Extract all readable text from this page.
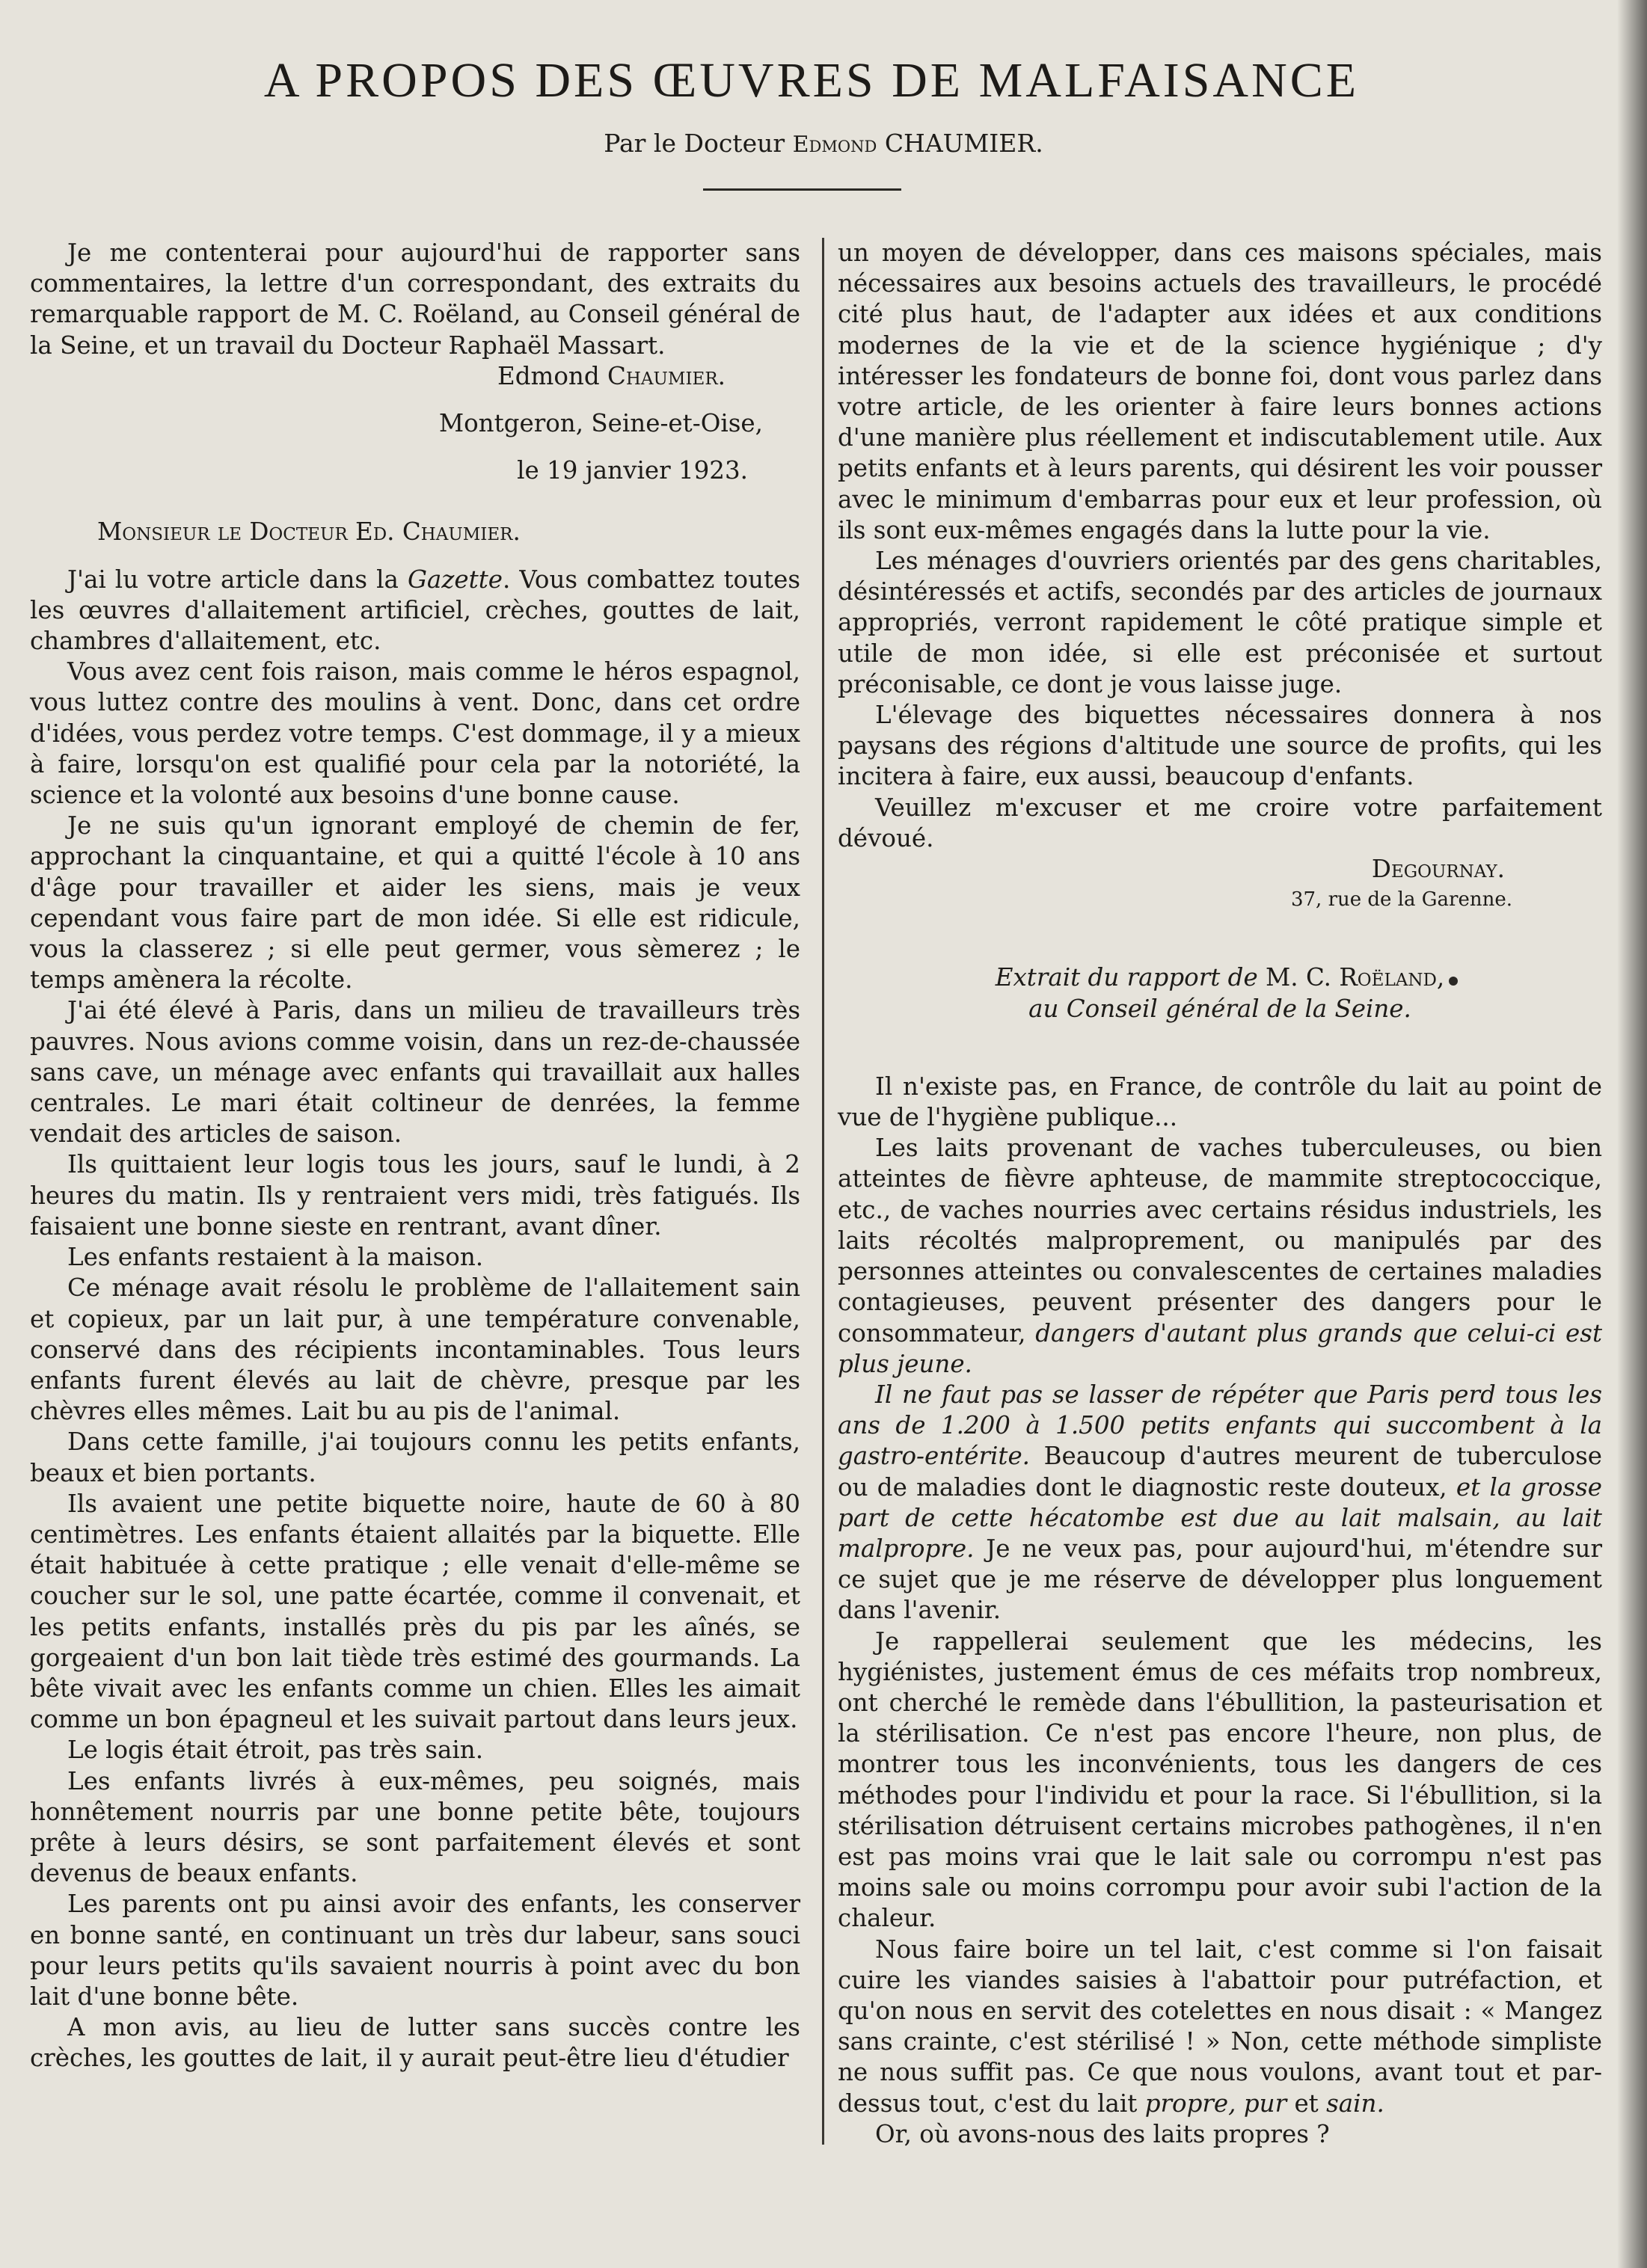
A PROPOS DES ŒUVRES DE MALFAISANCE
Par le Docteur Edmond CHAUMIER.

Je me contenterai pour aujourd'hui de rapporter sans commentaires, la lettre d'un correspondant, des extraits du remarquable rapport de M. C. Roëland, au Conseil général de la Seine, et un travail du Docteur Raphaël Massart.

Edmond Chaumier.

Montgeron, Seine-et-Oise,

le 19 janvier 1923.

Monsieur le Docteur Ed. Chaumier.

J'ai lu votre article dans la Gazette. Vous combattez toutes les œuvres d'allaitement artificiel, crèches, gouttes de lait, chambres d'allaitement, etc.

Vous avez cent fois raison, mais comme le héros espagnol, vous luttez contre des moulins à vent. Donc, dans cet ordre d'idées, vous perdez votre temps. C'est dommage, il y a mieux à faire, lorsqu'on est qualifié pour cela par la notoriété, la science et la volonté aux besoins d'une bonne cause.

Je ne suis qu'un ignorant employé de chemin de fer, approchant la cinquantaine, et qui a quitté l'école à 10 ans d'âge pour travailler et aider les siens, mais je veux cependant vous faire part de mon idée. Si elle est ridicule, vous la classerez ; si elle peut germer, vous sèmerez ; le temps amènera la récolte.

J'ai été élevé à Paris, dans un milieu de travailleurs très pauvres. Nous avions comme voisin, dans un rez-de-chaussée sans cave, un ménage avec enfants qui travaillait aux halles centrales. Le mari était coltineur de denrées, la femme vendait des articles de saison.

Ils quittaient leur logis tous les jours, sauf le lundi, à 2 heures du matin. Ils y rentraient vers midi, très fatigués. Ils faisaient une bonne sieste en rentrant, avant dîner.

Les enfants restaient à la maison.

Ce ménage avait résolu le problème de l'allaitement sain et copieux, par un lait pur, à une température convenable, conservé dans des récipients incontaminables. Tous leurs enfants furent élevés au lait de chèvre, presque par les chèvres elles mêmes. Lait bu au pis de l'animal.

Dans cette famille, j'ai toujours connu les petits enfants, beaux et bien portants.

Ils avaient une petite biquette noire, haute de 60 à 80 centimètres. Les enfants étaient allaités par la biquette. Elle était habituée à cette pratique ; elle venait d'elle-même se coucher sur le sol, une patte écartée, comme il convenait, et les petits enfants, installés près du pis par les aînés, se gorgeaient d'un bon lait tiède très estimé des gourmands. La bête vivait avec les enfants comme un chien. Elles les aimait comme un bon épagneul et les suivait partout dans leurs jeux.

Le logis était étroit, pas très sain.

Les enfants livrés à eux-mêmes, peu soignés, mais honnêtement nourris par une bonne petite bête, toujours prête à leurs désirs, se sont parfaitement élevés et sont devenus de beaux enfants.

Les parents ont pu ainsi avoir des enfants, les conserver en bonne santé, en continuant un très dur labeur, sans souci pour leurs petits qu'ils savaient nourris à point avec du bon lait d'une bonne bête.

A mon avis, au lieu de lutter sans succès contre les crèches, les gouttes de lait, il y aurait peut-être lieu d'étudier

un moyen de développer, dans ces maisons spéciales, mais nécessaires aux besoins actuels des travailleurs, le procédé cité plus haut, de l'adapter aux idées et aux conditions modernes de la vie et de la science hygiénique ; d'y intéresser les fondateurs de bonne foi, dont vous parlez dans votre article, de les orienter à faire leurs bonnes actions d'une manière plus réellement et indiscutablement utile. Aux petits enfants et à leurs parents, qui désirent les voir pousser avec le minimum d'embarras pour eux et leur profession, où ils sont eux-mêmes engagés dans la lutte pour la vie.

Les ménages d'ouvriers orientés par des gens charitables, désintéressés et actifs, secondés par des articles de journaux appropriés, verront rapidement le côté pratique simple et utile de mon idée, si elle est préconisée et surtout préconisable, ce dont je vous laisse juge.

L'élevage des biquettes nécessaires donnera à nos paysans des régions d'altitude une source de profits, qui les incitera à faire, eux aussi, beaucoup d'enfants.

Veuillez m'excuser et me croire votre parfaitement dévoué.

Degournay.

37, rue de la Garenne.

Extrait du rapport de M. C. Roëland,

au Conseil général de la Seine.

Il n'existe pas, en France, de contrôle du lait au point de vue de l'hygiène publique...

Les laits provenant de vaches tuberculeuses, ou bien atteintes de fièvre aphteuse, de mammite streptococcique, etc., de vaches nourries avec certains résidus industriels, les laits récoltés malproprement, ou manipulés par des personnes atteintes ou convalescentes de certaines maladies contagieuses, peuvent présenter des dangers pour le consommateur, dangers d'autant plus grands que celui-ci est plus jeune.

Il ne faut pas se lasser de répéter que Paris perd tous les ans de 1.200 à 1.500 petits enfants qui succombent à la gastro-entérite. Beaucoup d'autres meurent de tuberculose ou de maladies dont le diagnostic reste douteux, et la grosse part de cette hécatombe est due au lait malsain, au lait malpropre. Je ne veux pas, pour aujourd'hui, m'étendre sur ce sujet que je me réserve de développer plus longuement dans l'avenir.

Je rappellerai seulement que les médecins, les hygiénistes, justement émus de ces méfaits trop nombreux, ont cherché le remède dans l'ébullition, la pasteurisation et la stérilisation. Ce n'est pas encore l'heure, non plus, de montrer tous les inconvénients, tous les dangers de ces méthodes pour l'individu et pour la race. Si l'ébullition, si la stérilisation détruisent certains microbes pathogènes, il n'en est pas moins vrai que le lait sale ou corrompu n'est pas moins sale ou moins corrompu pour avoir subi l'action de la chaleur.

Nous faire boire un tel lait, c'est comme si l'on faisait cuire les viandes saisies à l'abattoir pour putréfaction, et qu'on nous en servit des cotelettes en nous disait : « Mangez sans crainte, c'est stérilisé ! » Non, cette méthode simpliste ne nous suffit pas. Ce que nous voulons, avant tout et par-dessus tout, c'est du lait propre, pur et sain.

Or, où avons-nous des laits propres ?
